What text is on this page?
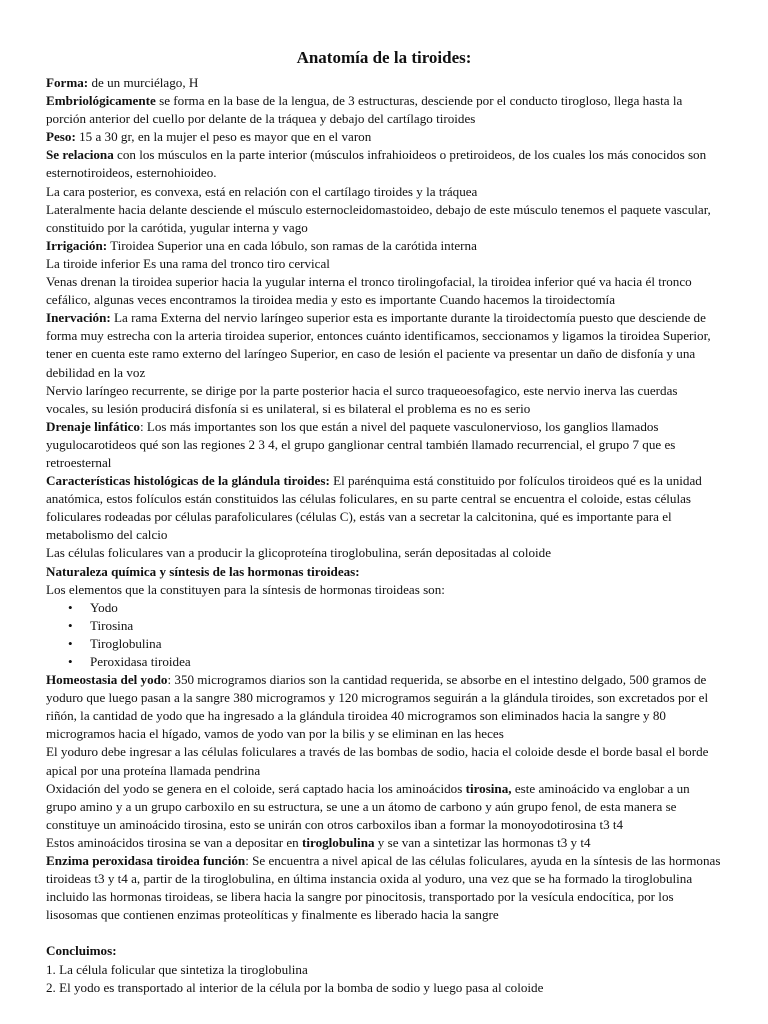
Anatomía de la tiroides:

Forma: de un murciélago, H

Embriológicamente se forma en la base de la lengua, de 3 estructuras, desciende por el conducto tirogloso, llega hasta la porción anterior del cuello por delante de la tráquea y debajo del cartílago tiroides

Peso: 15 a 30 gr, en la mujer el peso es mayor que en el varon

Se relaciona con los músculos en la parte interior (músculos infrahioideos o pretiroideos, de los cuales los más conocidos son esternotiroideos, esternohioideo.

La cara posterior, es convexa, está en relación con el cartílago tiroides y la tráquea

Lateralmente hacia delante desciende el músculo esternocleidomastoideo, debajo de este músculo tenemos el paquete vascular, constituido por la carótida, yugular interna y vago

Irrigación: Tiroidea Superior una en cada lóbulo, son ramas de la carótida interna

La tiroide inferior Es una rama del tronco tiro cervical

Venas drenan la tiroidea superior hacia la yugular interna el tronco tirolingofacial, la tiroidea inferior qué va hacia él tronco cefálico, algunas veces encontramos la tiroidea media y esto es importante Cuando hacemos la tiroidectomía

Inervación: La rama Externa del nervio laríngeo superior esta es importante durante la tiroidectomía puesto que desciende de forma muy estrecha con la arteria tiroidea superior, entonces cuánto identificamos, seccionamos y ligamos la tiroidea Superior, tener en cuenta este ramo externo del laríngeo Superior, en caso de lesión el paciente va presentar un daño de disfonía y una debilidad en la voz

Nervio laríngeo recurrente, se dirige por la parte posterior hacia el surco traqueoesofagico, este nervio inerva las cuerdas vocales, su lesión producirá disfonía si es unilateral, si es bilateral el problema es no es serio

Drenaje linfático: Los más importantes son los que están a nivel del paquete vasculonervioso, los ganglios llamados yugulocarotideos qué son las regiones 2 3 4, el grupo ganglionar central también llamado recurrencial, el grupo 7 que es retroesternal

Características histológicas de la glándula tiroides: El parénquima está constituido por folículos tiroideos qué es la unidad anatómica, estos folículos están constituidos las células foliculares, en su parte central se encuentra el coloide, estas células foliculares rodeadas por células parafoliculares (células C), estás van a secretar la calcitonina, qué es importante para el metabolismo del calcio

Las células foliculares van a producir la glicoproteína tiroglobulina, serán depositadas al coloide

Naturaleza química y síntesis de las hormonas tiroideas:

Los elementos que la constituyen para la síntesis de hormonas tiroideas son:

• Yodo
• Tirosina
• Tiroglobulina
• Peroxidasa tiroidea

Homeostasia del yodo: 350 microgramos diarios son la cantidad requerida, se absorbe en el intestino delgado, 500 gramos de yoduro que luego pasan a la sangre 380 microgramos y 120 microgramos seguirán a la glándula tiroides, son excretados por el riñón, la cantidad de yodo que ha ingresado a la glándula tiroidea 40 microgramos son eliminados hacia la sangre y 80 microgramos hacia el hígado, vamos de yodo van por la bilis y se eliminan en las heces

El yoduro debe ingresar a las células foliculares a través de las bombas de sodio, hacia el coloide desde el borde basal el borde apical por una proteína llamada pendrina

Oxidación del yodo se genera en el coloide, será captado hacia los aminoácidos tirosina, este aminoácido va englobar a un grupo amino y a un grupo carboxilo en su estructura, se une a un átomo de carbono y aún grupo fenol, de esta manera se constituye un aminoácido tirosina, esto se unirán con otros carboxilos iban a formar la monoyodotirosina t3 t4

Estos aminoácidos tirosina se van a depositar en tiroglobulina y se van a sintetizar las hormonas t3 y t4

Enzima peroxidasa tiroidea función: Se encuentra a nivel apical de las células foliculares, ayuda en la síntesis de las hormonas tiroideas t3 y t4 a, partir de la tiroglobulina, en última instancia oxida al yoduro, una vez que se ha formado la tiroglobulina incluido las hormonas tiroideas, se libera hacia la sangre por pinocitosis, transportado por la vesícula endocítica, por los lisosomas que contienen enzimas proteolíticas y finalmente es liberado hacia la sangre

Concluimos:

1. La célula folicular que sintetiza la tiroglobulina

2. El yodo es transportado al interior de la célula por la bomba de sodio y luego pasa al coloide
